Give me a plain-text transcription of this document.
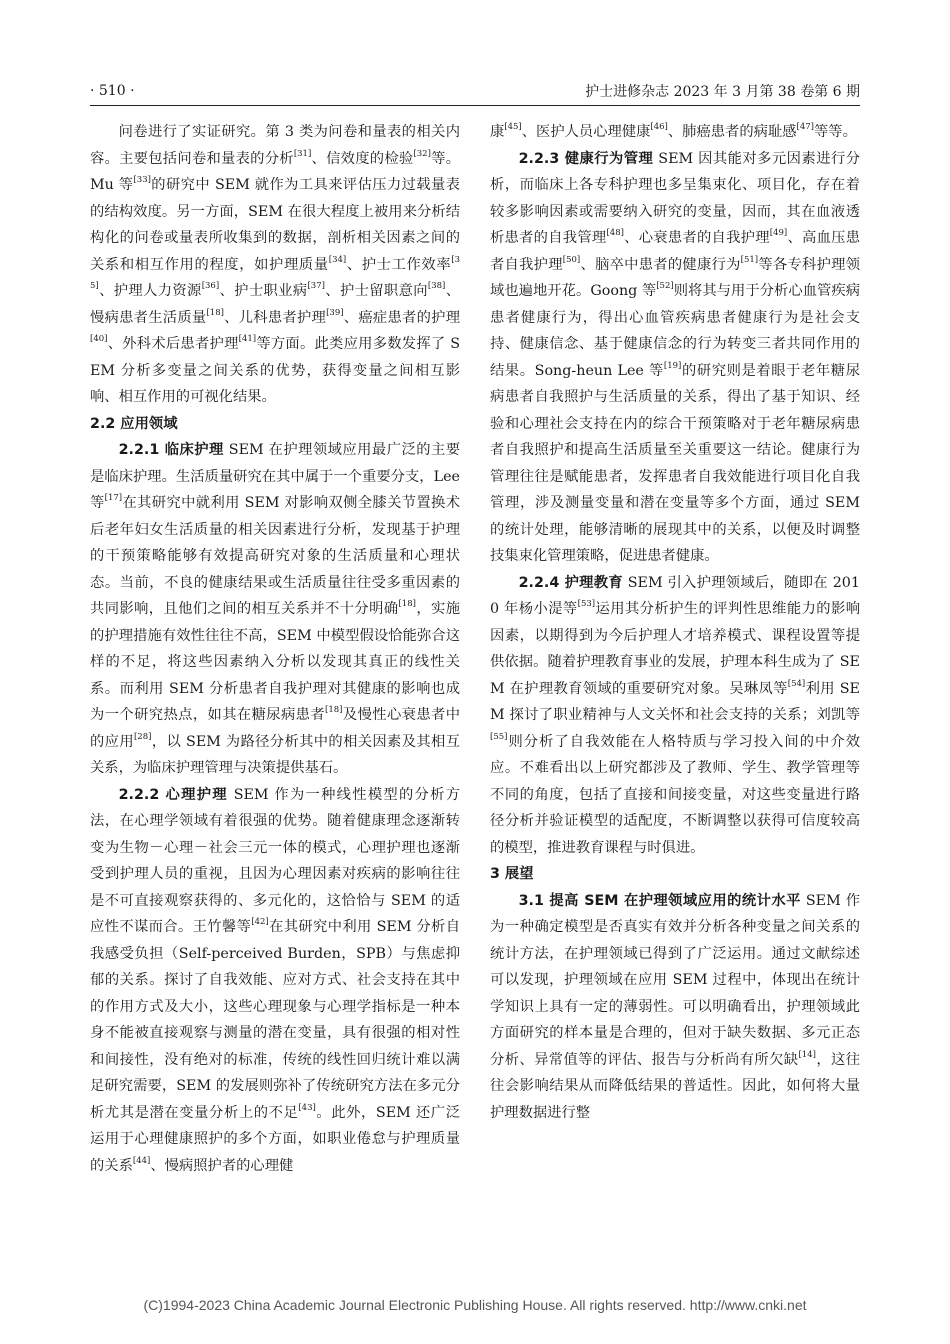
· 510 ·	护士进修杂志 2023 年 3 月第 38 卷第 6 期

问卷进行了实证研究。第 3 类为问卷和量表的相关内容。主要包括问卷和量表的分析[31]、信效度的检验[32]等。Mu 等[33]的研究中 SEM 就作为工具来评估压力过载量表的结构效度。另一方面，SEM 在很大程度上被用来分析结构化的问卷或量表所收集到的数据，剖析相关因素之间的关系和相互作用的程度，如护理质量[34]、护士工作效率[35]、护理人力资源[36]、护士职业病[37]、护士留职意向[38]、慢病患者生活质量[18]、儿科患者护理[39]、癌症患者的护理[40]、外科术后患者护理[41]等方面。此类应用多数发挥了 SEM 分析多变量之间关系的优势，获得变量之间相互影响、相互作用的可视化结果。

2.2 应用领域

2.2.1 临床护理 SEM 在护理领域应用最广泛的主要是临床护理。生活质量研究在其中属于一个重要分支，Lee 等[17]在其研究中就利用 SEM 对影响双侧全膝关节置换术后老年妇女生活质量的相关因素进行分析，发现基于护理的干预策略能够有效提高研究对象的生活质量和心理状态。当前，不良的健康结果或生活质量往往受多重因素的共同影响，且他们之间的相互关系并不十分明确[18]，实施的护理措施有效性往往不高，SEM 中模型假设恰能弥合这样的不足，将这些因素纳入分析以发现其真正的线性关系。而利用 SEM 分析患者自我护理对其健康的影响也成为一个研究热点，如其在糖尿病患者[18]及慢性心衰患者中的应用[28]，以 SEM 为路径分析其中的相关因素及其相互关系，为临床护理管理与决策提供基石。

2.2.2 心理护理 SEM 作为一种线性模型的分析方法，在心理学领域有着很强的优势。随着健康理念逐渐转变为生物－心理－社会三元一体的模式，心理护理也逐渐受到护理人员的重视，且因为心理因素对疾病的影响往往是不可直接观察获得的、多元化的，这恰恰与 SEM 的适应性不谋而合。王竹馨等[42]在其研究中利用 SEM 分析自我感受负担（Self-perceived Burden，SPB）与焦虑抑郁的关系。探讨了自我效能、应对方式、社会支持在其中的作用方式及大小，这些心理现象与心理学指标是一种本身不能被直接观察与测量的潜在变量，具有很强的相对性和间接性，没有绝对的标准，传统的线性回归统计难以满足研究需要，SEM 的发展则弥补了传统研究方法在多元分析尤其是潜在变量分析上的不足[43]。此外，SEM 还广泛运用于心理健康照护的多个方面，如职业倦怠与护理质量的关系[44]、慢病照护者的心理健

康[45]、医护人员心理健康[46]、肺癌患者的病耻感[47]等等。

2.2.3 健康行为管理 SEM 因其能对多元因素进行分析，而临床上各专科护理也多呈集束化、项目化，存在着较多影响因素或需要纳入研究的变量，因而，其在血液透析患者的自我管理[48]、心衰患者的自我护理[49]、高血压患者自我护理[50]、脑卒中患者的健康行为[51]等各专科护理领域也遍地开花。Goong 等[52]则将其与用于分析心血管疾病患者健康行为，得出心血管疾病患者健康行为是社会支持、健康信念、基于健康信念的行为转变三者共同作用的结果。Song-heun Lee 等[19]的研究则是着眼于老年糖尿病患者自我照护与生活质量的关系，得出了基于知识、经验和心理社会支持在内的综合干预策略对于老年糖尿病患者自我照护和提高生活质量至关重要这一结论。健康行为管理往往是赋能患者，发挥患者自我效能进行项目化自我管理，涉及测量变量和潜在变量等多个方面，通过 SEM 的统计处理，能够清晰的展现其中的关系，以便及时调整技集束化管理策略，促进患者健康。

2.2.4 护理教育 SEM 引入护理领域后，随即在 2010 年杨小湜等[53]运用其分析护生的评判性思维能力的影响因素，以期得到为今后护理人才培养模式、课程设置等提供依据。随着护理教育事业的发展，护理本科生成为了 SEM 在护理教育领域的重要研究对象。吴琳凤等[54]利用 SEM 探讨了职业精神与人文关怀和社会支持的关系；刘凯等[55]则分析了自我效能在人格特质与学习投入间的中介效应。不难看出以上研究都涉及了教师、学生、教学管理等不同的角度，包括了直接和间接变量，对这些变量进行路径分析并验证模型的适配度，不断调整以获得可信度较高的模型，推进教育课程与时俱进。

3 展望

3.1 提高 SEM 在护理领域应用的统计水平 SEM 作为一种确定模型是否真实有效并分析各种变量之间关系的统计方法，在护理领域已得到了广泛运用。通过文献综述可以发现，护理领域在应用 SEM 过程中，体现出在统计学知识上具有一定的薄弱性。可以明确看出，护理领域此方面研究的样本量是合理的，但对于缺失数据、多元正态分析、异常值等的评估、报告与分析尚有所欠缺[14]，这往往会影响结果从而降低结果的普适性。因此，如何将大量护理数据进行整

(C)1994-2023 China Academic Journal Electronic Publishing House. All rights reserved. http://www.cnki.net
